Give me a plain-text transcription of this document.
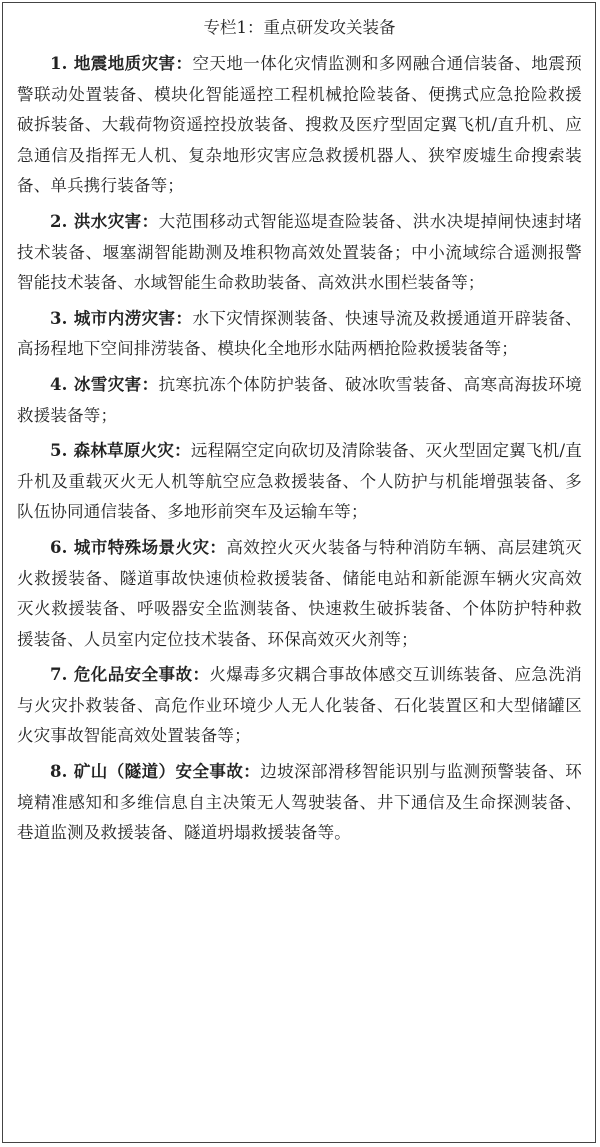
专栏1：重点研发攻关装备

1. 地震地质灾害：空天地一体化灾情监测和多网融合通信装备、地震预警联动处置装备、模块化智能遥控工程机械抢险装备、便携式应急抢险救援破拆装备、大载荷物资遥控投放装备、搜救及医疗型固定翼飞机/直升机、应急通信及指挥无人机、复杂地形灾害应急救援机器人、狭窄废墟生命搜索装备、单兵携行装备等；

2. 洪水灾害：大范围移动式智能巡堤查险装备、洪水决堤掉闸快速封堵技术装备、堰塞湖智能勘测及堆积物高效处置装备；中小流域综合遥测报警智能技术装备、水域智能生命救助装备、高效洪水围栏装备等；

3. 城市内涝灾害：水下灾情探测装备、快速导流及救援通道开辟装备、高扬程地下空间排涝装备、模块化全地形水陆两栖抢险救援装备等；

4. 冰雪灾害：抗寒抗冻个体防护装备、破冰吹雪装备、高寒高海拔环境救援装备等；

5. 森林草原火灾：远程隔空定向砍切及清除装备、灭火型固定翼飞机/直升机及重载灭火无人机等航空应急救援装备、个人防护与机能增强装备、多队伍协同通信装备、多地形前突车及运输车等；

6. 城市特殊场景火灾：高效控火灭火装备与特种消防车辆、高层建筑灭火救援装备、隧道事故快速侦检救援装备、储能电站和新能源车辆火灾高效灭火救援装备、呼吸器安全监测装备、快速救生破拆装备、个体防护特种救援装备、人员室内定位技术装备、环保高效灭火剂等；

7. 危化品安全事故：火爆毒多灾耦合事故体感交互训练装备、应急洗消与火灾扑救装备、高危作业环境少人无人化装备、石化装置区和大型储罐区火灾事故智能高效处置装备等；

8. 矿山（隧道）安全事故：边坡深部滑移智能识别与监测预警装备、环境精准感知和多维信息自主决策无人驾驶装备、井下通信及生命探测装备、巷道监测及救援装备、隧道坍塌救援装备等。
